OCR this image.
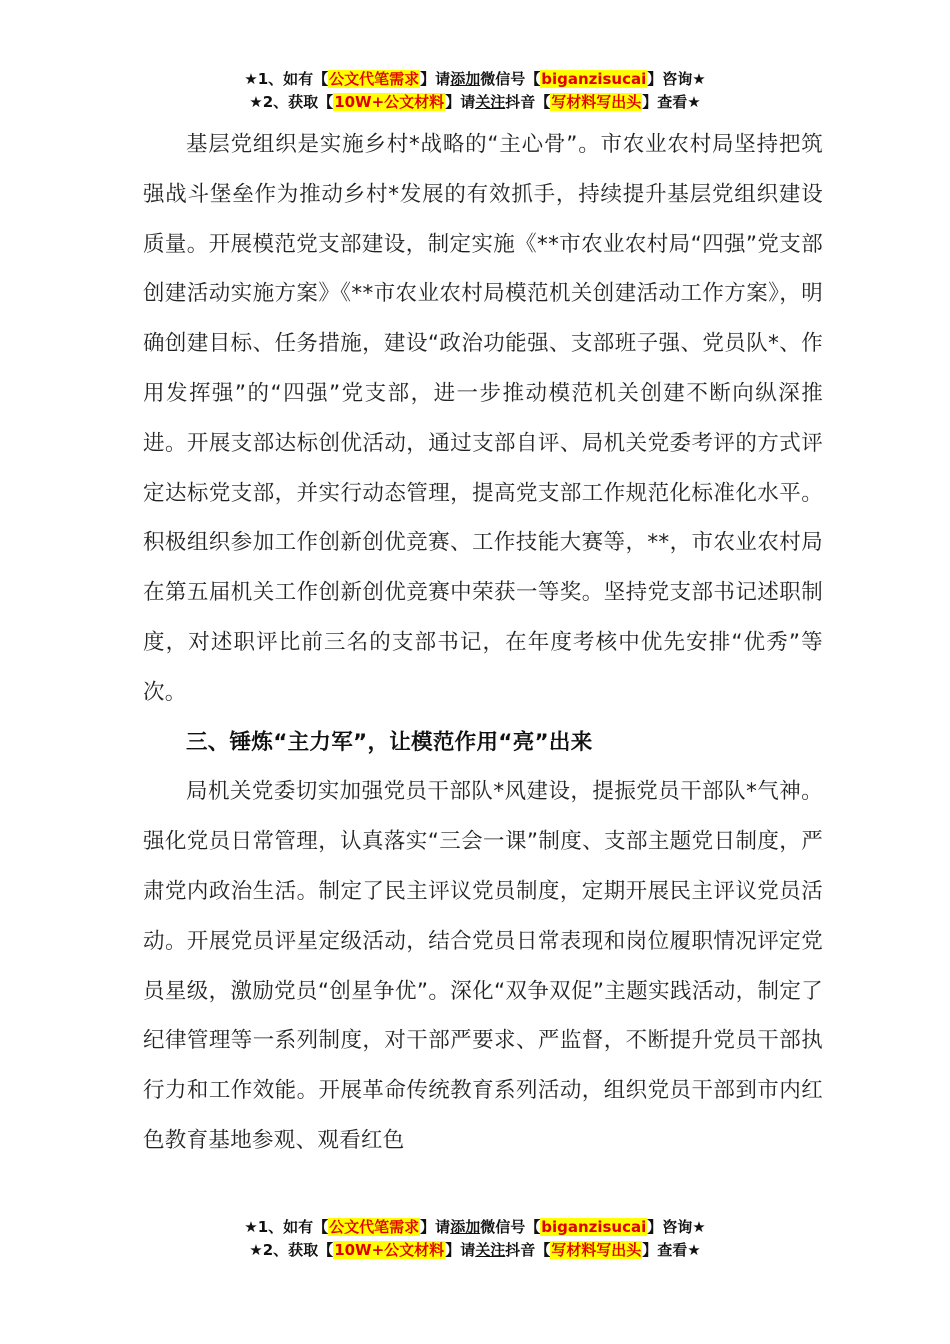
★1、如有【公文代笔需求】请添加微信号【biganzisucai】咨询★
★2、获取【10W+公文材料】请关注抖音【写材料写出头】查看★

基层党组织是实施乡村*战略的“主心骨”。市农业农村局坚持把筑强战斗堡垒作为推动乡村*发展的有效抓手，持续提升基层党组织建设质量。开展模范党支部建设，制定实施《**市农业农村局“四强”党支部创建活动实施方案》《**市农业农村局模范机关创建活动工作方案》，明确创建目标、任务措施，建设“政治功能强、支部班子强、党员队*、作用发挥强”的“四强”党支部，进一步推动模范机关创建不断向纵深推进。开展支部达标创优活动，通过支部自评、局机关党委考评的方式评定达标党支部，并实行动态管理，提高党支部工作规范化标准化水平。积极组织参加工作创新创优竞赛、工作技能大赛等，**，市农业农村局在第五届机关工作创新创优竞赛中荣获一等奖。坚持党支部书记述职制度，对述职评比前三名的支部书记，在年度考核中优先安排“优秀”等次。

三、锤炼“主力军”，让模范作用“亮”出来

局机关党委切实加强党员干部队*风建设，提振党员干部队*气神。强化党员日常管理，认真落实“三会一课”制度、支部主题党日制度，严肃党内政治生活。制定了民主评议党员制度，定期开展民主评议党员活动。开展党员评星定级活动，结合党员日常表现和岗位履职情况评定党员星级，激励党员“创星争优”。深化“双争双促”主题实践活动，制定了纪律管理等一系列制度，对干部严要求、严监督，不断提升党员干部执行力和工作效能。开展革命传统教育系列活动，组织党员干部到市内红色教育基地参观、观看红色

★1、如有【公文代笔需求】请添加微信号【biganzisucai】咨询★
★2、获取【10W+公文材料】请关注抖音【写材料写出头】查看★
